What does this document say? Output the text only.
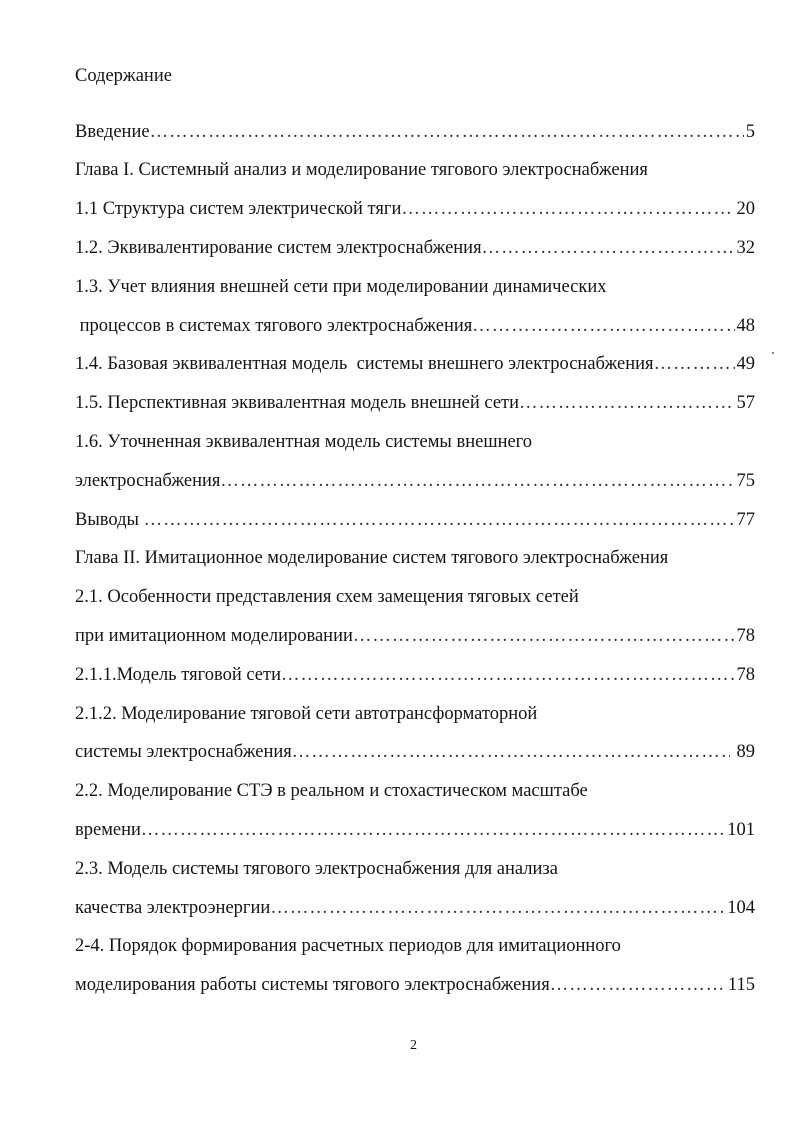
Содержание
Введение …………………………………………………………………………………………………………………………………………………………………	5
Глава I. Системный анализ и моделирование тягового электроснабжения
1.1 Структура систем электрической тяги …………………………………………………………………………………………………………………………………………………………………	20
1.2. Эквивалентирование систем электроснабжения …………………………………………………………………………………………………………………………………………………………………	32
1.3. Учет влияния внешней сети при моделировании динамических
процессов в системах тягового электроснабжения …………………………………………………………………………………………………………………………………………………………………	48
1.4. Базовая эквивалентная модель  системы внешнего электроснабжения …………………………………………………………………………………………………………………………………………………………………	49
1.5. Перспективная эквивалентная модель внешней сети …………………………………………………………………………………………………………………………………………………………………	57
1.6. Уточненная эквивалентная модель системы внешнего
электроснабжения …………………………………………………………………………………………………………………………………………………………………	75
Выводы …………………………………………………………………………………………………………………………………………………………………	77
Глава II. Имитационное моделирование систем тягового электроснабжения
2.1. Особенности представления схем замещения тяговых сетей
при имитационном моделировании …………………………………………………………………………………………………………………………………………………………………	78
2.1.1.Модель тяговой сети …………………………………………………………………………………………………………………………………………………………………	78
2.1.2. Моделирование тяговой сети автотрансформаторной
системы электроснабжения …………………………………………………………………………………………………………………………………………………………………	89
2.2. Моделирование СТЭ в реальном и стохастическом масштабе
времени …………………………………………………………………………………………………………………………………………………………………	101
2.3. Модель системы тягового электроснабжения для анализа
качества электроэнергии …………………………………………………………………………………………………………………………………………………………………	104
2-4. Порядок формирования расчетных периодов для имитационного
моделирования работы системы тягового электроснабжения …………………………………………………………………………………………………………………………………………………………………	115
2
